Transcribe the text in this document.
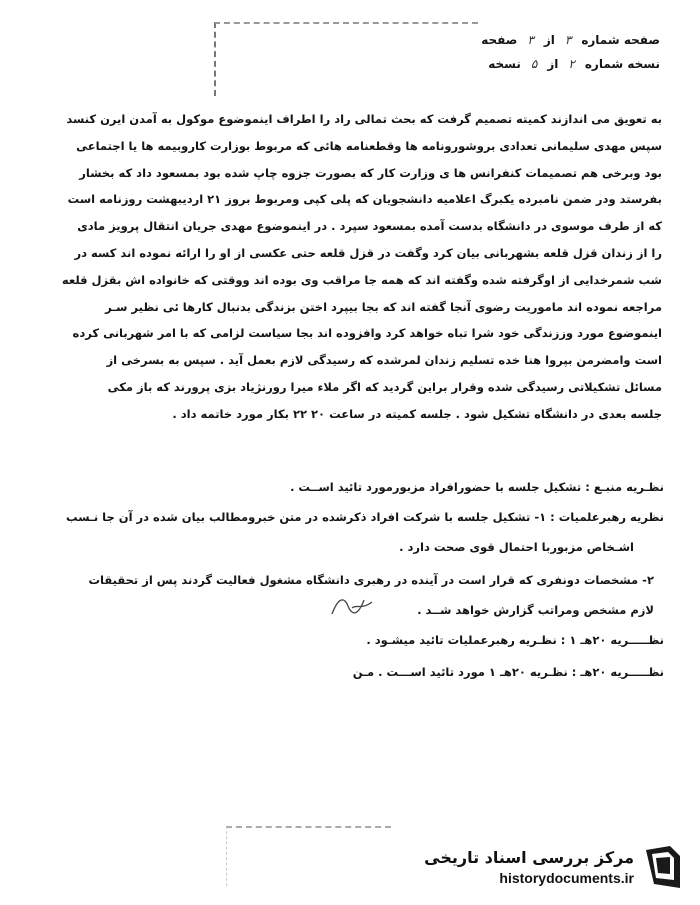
صفحه شماره
۳
از
۳
صفحه
نسخه شماره
۲
از
۵
نسخه

به تعویق می اندازند کمیته تصمیم گرفت که بحث تمالی راد را اطراف اینموضوع موکول به آمدن ایرن کنسد

سپس مهدی سلیمانی تعدادی بروشورونامه ها وقطعنامه هائی که مربوط بوزارت کاروبیمه ها یا اجتماعی

بود وبرخی هم تصمیمات کنفرانس ها ی وزارت کار که بصورت جزوه چاپ شده بود بمسعود داد که بخشار

بفرستد ودر ضمن نامبرده یکبرگ اعلامیه دانشجویان که پلی کپی ومربوط بروز ۲۱ اردیبهشت روزنامه است

که از طرف موسوی در دانشگاه بدست آمده بمسعود سپرد . در اینموضوع مهدی جریان انتقال پرویز مادی

را از زندان قزل قلعه بشهربانی بیان کرد وگفت در قزل قلعه حتی عکسی از او را ارائه نموده اند کسه در

شب شمرخدایی از اوگرفته شده وگفته اند که همه جا مراقب وی بوده اند ووقتی که خانواده اش بقزل قلعه

مراجعه نموده اند ماموریت رضوی آنجا گفته اند که بجا بیپرد اختن بزندگی بدنبال کارها ئی نظیر سـر

اینموضوع مورد وززندگی خود شرا تباه خواهد کرد وافزوده اند بجا سیاست لزامی که با امر شهربانی کرده

است وامضرمن بپروا هنا خده تسلیم زندان لمرشده که رسیدگی لازم بعمل آید . سپس به بسرخی از

مسائل تشکیلاتی رسیدگی شده وقرار براین گردید که اگر ملاء میرا رورنژیاد بزی پرورند که باز مکی

جلسه بعدی در دانشگاه تشکیل شود . جلسه کمیته در ساعت ۲۰ ۲۲ بکار مورد خاتمه داد .

نظـریه منبـع : تشکیل جلسه با حضورافراد مزبورمورد تائید اســت .
نظریه رهبرعلمیات : ۱- تشکیل جلسه با شرکت افراد ذکرشده در متن خبرومطالب بیان شده در آن جا نـسب
اشـخاص مزبوربا احتمال قوی صحت دارد .
۲- مشخصات دونفری که قرار است در آینده در رهبری دانشگاه مشغول فعالیت گردند پس از تحقیقات
لازم مشخص ومراتب گزارش خواهد شــد .
نظـــــریه ۲۰هـ ۱ : نظـریه رهبرعملیات تائید میشـود .
نظـــــریه ۲۰هـ : نظـریه ۲۰هـ ۱ مورد تائید اســـت . مـن
مرکز بررسی اسناد تاریخی
historydocuments.ir
